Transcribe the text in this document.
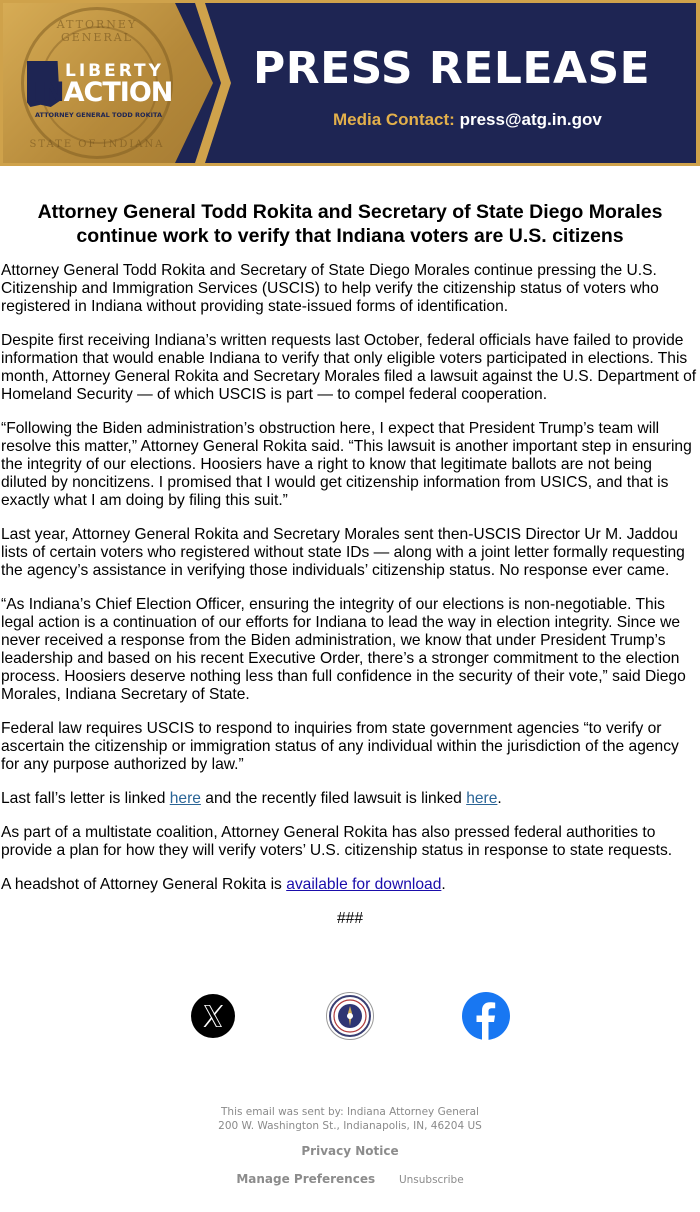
ATTORNEY GENERAL
STATE OF INDIANA
LIBERTY
INACTION
ATTORNEY GENERAL TODD ROKITA
PRESS RELEASE
Media Contact: press@atg.in.gov
Attorney General Todd Rokita and Secretary of State Diego Morales continue work to verify that Indiana voters are U.S. citizens

Attorney General Todd Rokita and Secretary of State Diego Morales continue pressing the U.S. Citizenship and Immigration Services (USCIS) to help verify the citizenship status of voters who registered in Indiana without providing state-issued forms of identification.

Despite first receiving Indiana’s written requests last October, federal officials have failed to provide information that would enable Indiana to verify that only eligible voters participated in elections. This month, Attorney General Rokita and Secretary Morales filed a lawsuit against the U.S. Department of Homeland Security — of which USCIS is part — to compel federal cooperation.

“Following the Biden administration’s obstruction here, I expect that President Trump’s team will resolve this matter,” Attorney General Rokita said. “This lawsuit is another important step in ensuring the integrity of our elections. Hoosiers have a right to know that legitimate ballots are not being diluted by noncitizens. I promised that I would get citizenship information from USICS, and that is exactly what I am doing by filing this suit.”

Last year, Attorney General Rokita and Secretary Morales sent then-USCIS Director Ur M. Jaddou lists of certain voters who registered without state IDs — along with a joint letter formally requesting the agency’s assistance in verifying those individuals’ citizenship status. No response ever came.

“As Indiana’s Chief Election Officer, ensuring the integrity of our elections is non-negotiable. This legal action is a continuation of our efforts for Indiana to lead the way in election integrity. Since we never received a response from the Biden administration, we know that under President Trump’s leadership and based on his recent Executive Order, there’s a stronger commitment to the election process. Hoosiers deserve nothing less than full confidence in the security of their vote,” said Diego Morales, Indiana Secretary of State.

Federal law requires USCIS to respond to inquiries from state government agencies “to verify or ascertain the citizenship or immigration status of any individual within the jurisdiction of the agency for any purpose authorized by law.”

Last fall’s letter is linked here and the recently filed lawsuit is linked here.

As part of a multistate coalition, Attorney General Rokita has also pressed federal authorities to provide a plan for how they will verify voters’ U.S. citizenship status in response to state requests.

A headshot of Attorney General Rokita is available for download.

###

This email was sent by: Indiana Attorney General
200 W. Washington St., Indianapolis, IN, 46204 US
Privacy Notice
Manage Preferences Unsubscribe
